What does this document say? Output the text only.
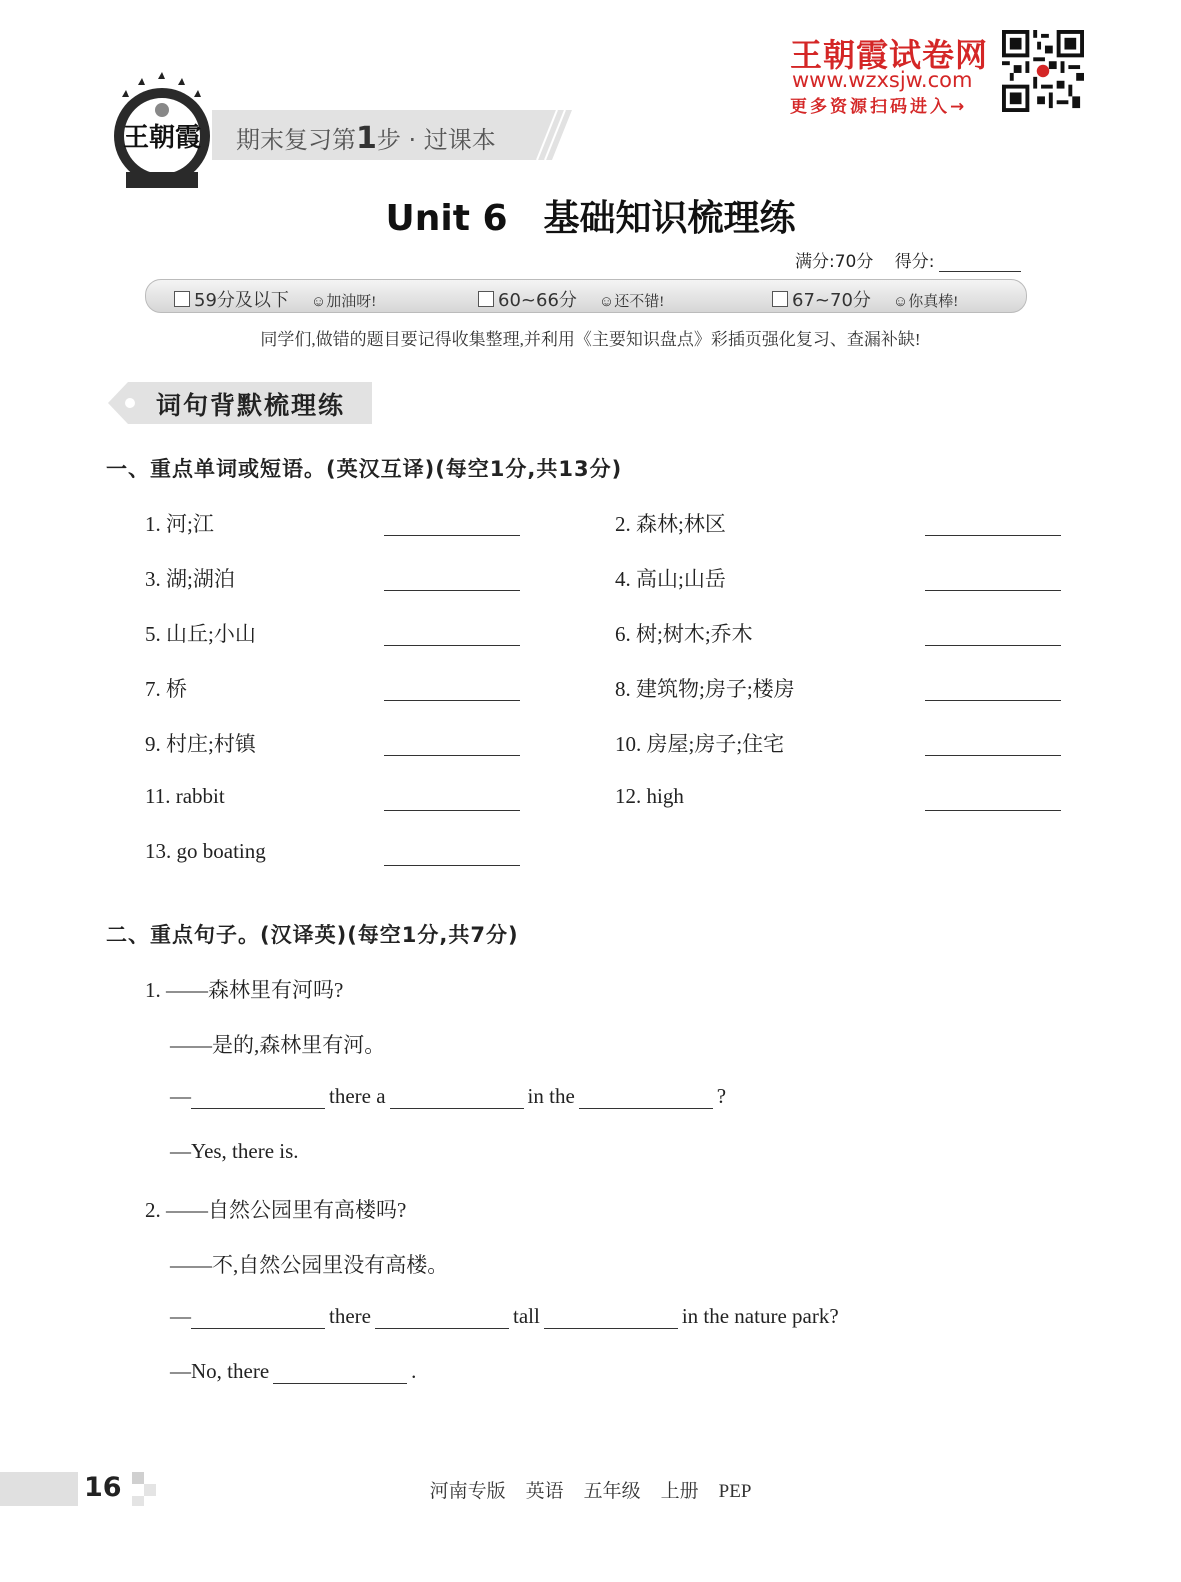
王朝霞试卷网
www.wzxsjw.com
更多资源扫码进入→
王朝霞 期末复习第1步 · 过课本
Unit 6　基础知识梳理练
满分:70分 得分:
59分及以下 ☺加油呀!	60~66分 ☺还不错!	67~70分 ☺你真棒!
同学们,做错的题目要记得收集整理,并利用《主要知识盘点》彩插页强化复习、查漏补缺!
词句背默梳理练
一、重点单词或短语。(英汉互译)(每空1分,共13分)
1. 河;江	2. 森林;林区
3. 湖;湖泊	4. 高山;山岳
5. 山丘;小山	6. 树;树木;乔木
7. 桥	8. 建筑物;房子;楼房
9. 村庄;村镇	10. 房屋;房子;住宅
11. rabbit	12. high
13. go boating
二、重点句子。(汉译英)(每空1分,共7分)
1. ——森林里有河吗?
——是的,森林里有河。
—	there a	in the	?
—Yes, there is.
2. ——自然公园里有高楼吗?
——不,自然公园里没有高楼。
—	there	tall	in the nature park?
—No, there	.
16	河南专版 英语 五年级 上册 PEP
